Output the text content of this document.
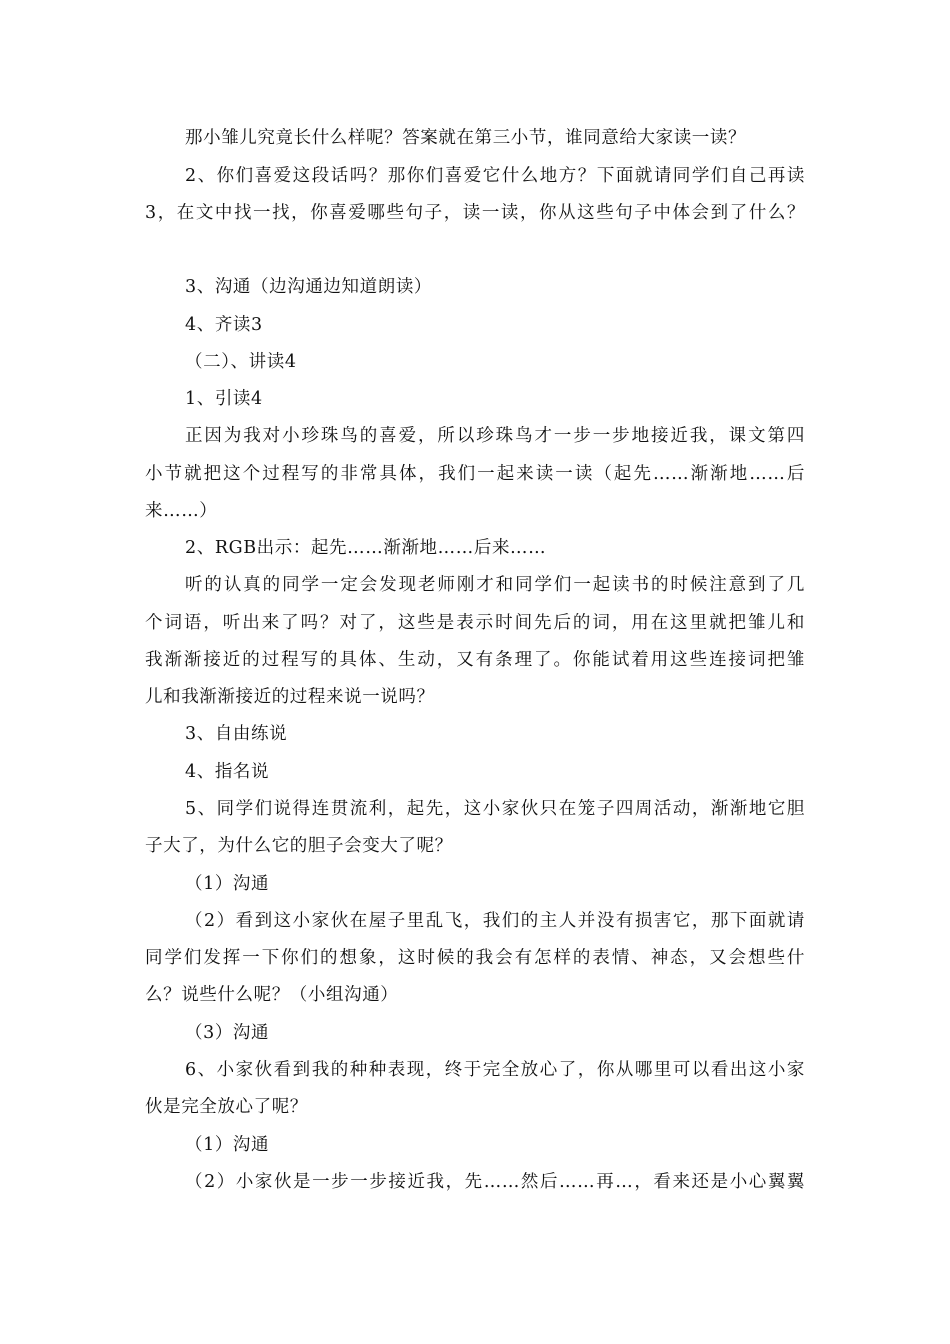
那小雏儿究竟长什么样呢？答案就在第三小节，谁同意给大家读一读？
2、你们喜爱这段话吗？那你们喜爱它什么地方？下面就请同学们自己再读
3，在文中找一找，你喜爱哪些句子，读一读，你从这些句子中体会到了什么？
3、沟通（边沟通边知道朗读）
4、齐读3
（二）、讲读4
1、引读4
正因为我对小珍珠鸟的喜爱，所以珍珠鸟才一步一步地接近我，课文第四
小节就把这个过程写的非常具体，我们一起来读一读（起先……渐渐地……后
来……）
2、RGB出示：起先……渐渐地……后来……
听的认真的同学一定会发现老师刚才和同学们一起读书的时候注意到了几
个词语，听出来了吗？对了，这些是表示时间先后的词，用在这里就把雏儿和
我渐渐接近的过程写的具体、生动，又有条理了。你能试着用这些连接词把雏
儿和我渐渐接近的过程来说一说吗？
3、自由练说
4、指名说
5、同学们说得连贯流利，起先，这小家伙只在笼子四周活动，渐渐地它胆
子大了，为什么它的胆子会变大了呢？
（1）沟通
（2）看到这小家伙在屋子里乱飞，我们的主人并没有损害它，那下面就请
同学们发挥一下你们的想象，这时候的我会有怎样的表情、神态，又会想些什
么？说些什么呢？（小组沟通）
（3）沟通
6、小家伙看到我的种种表现，终于完全放心了，你从哪里可以看出这小家
伙是完全放心了呢？
（1）沟通
（2）小家伙是一步一步接近我，先……然后……再…，看来还是小心翼翼
